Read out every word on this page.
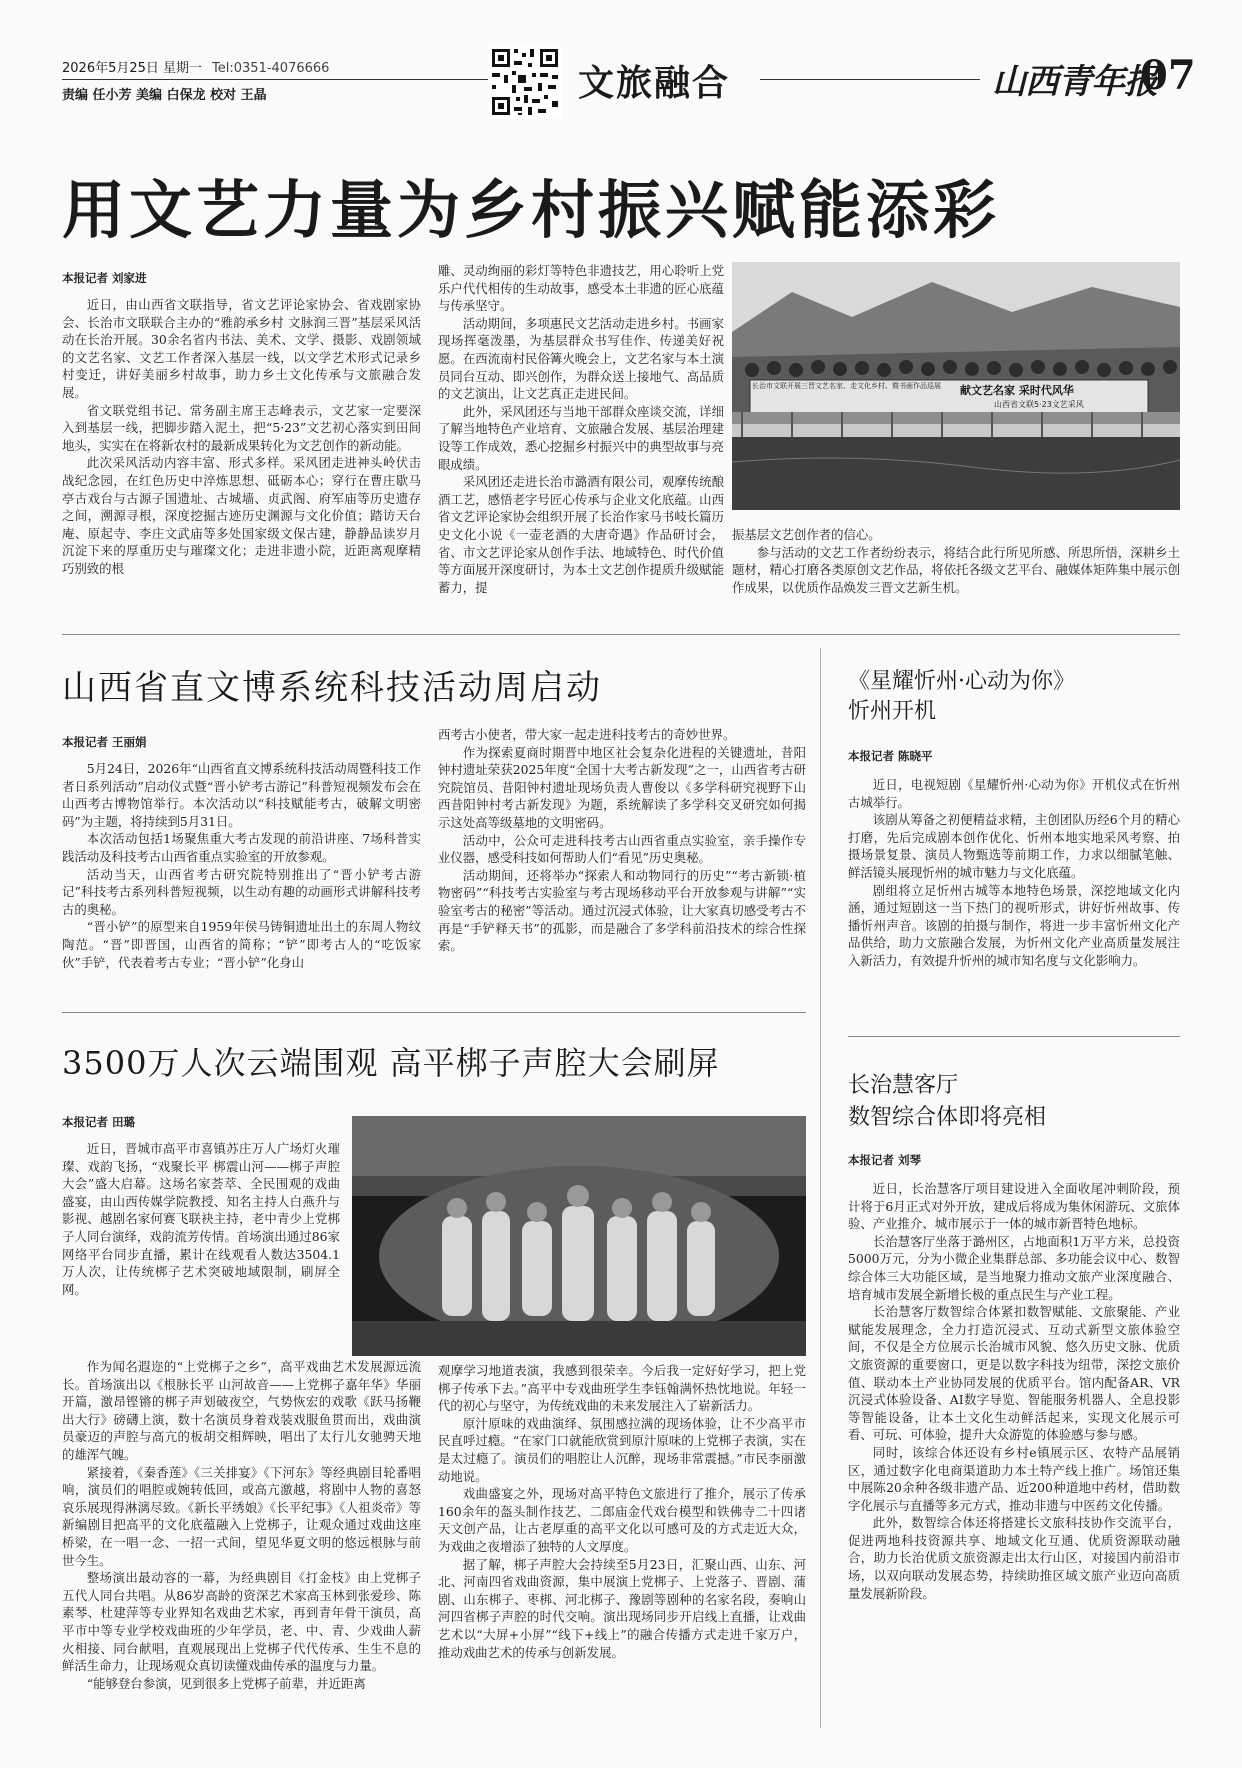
2026年5月25日 星期一 Tel:0351-4076666
责编 任小芳 美编 白保龙 校对 王晶	文旅融合	山西青年报
07
用文艺力量为乡村振兴赋能添彩
本报记者 刘家进

近日，由山西省文联指导，省文艺评论家协会、省戏剧家协会、长治市文联联合主办的“雅韵承乡村 文脉润三晋”基层采风活动在长治开展。30余名省内书法、美术、文学、摄影、戏剧领域的文艺名家、文艺工作者深入基层一线，以文学艺术形式记录乡村变迁，讲好美丽乡村故事，助力乡土文化传承与文旅融合发展。

省文联党组书记、常务副主席王志峰表示，文艺家一定要深入到基层一线，把脚步踏入泥土，把“5·23”文艺初心落实到田间地头，实实在在将新农村的最新成果转化为文艺创作的新动能。

此次采风活动内容丰富、形式多样。采风团走进神头岭伏击战纪念园，在红色历史中淬炼思想、砥砺本心；穿行在曹庄歇马亭古戏台与古源子国遗址、古城墙、贞武阁、府军庙等历史遗存之间，溯源寻根，深度挖掘古迹历史渊源与文化价值；踏访天台庵、原起寺、李庄文武庙等多处国家级文保古建，静静品读岁月沉淀下来的厚重历史与璀璨文化；走进非遗小院，近距离观摩精巧别致的根

雕、灵动绚丽的彩灯等特色非遗技艺，用心聆听上党乐户代代相传的生动故事，感受本土非遗的匠心底蕴与传承坚守。

活动期间，多项惠民文艺活动走进乡村。书画家现场挥毫泼墨，为基层群众书写佳作、传递美好祝愿。在西流南村民俗篝火晚会上，文艺名家与本土演员同台互动、即兴创作，为群众送上接地气、高品质的文艺演出，让文艺真正走进民间。

此外，采风团还与当地干部群众座谈交流，详细了解当地特色产业培育、文旅融合发展、基层治理建设等工作成效，悉心挖掘乡村振兴中的典型故事与亮眼成绩。

采风团还走进长治市潞酒有限公司，观摩传统酿酒工艺，感悟老字号匠心传承与企业文化底蕴。山西省文艺评论家协会组织开展了长治作家马书岐长篇历史文化小说《一壶老酒的大唐奇遇》作品研讨会，省、市文艺评论家从创作手法、地域特色、时代价值等方面展开深度研讨，为本土文艺创作提质升级赋能蓄力，提

长治市文联开展三晋文艺名家、走文化乡村、暨书画作品巡展	献文艺名家 采时代风华
山西省文联5·23文艺采风

振基层文艺创作者的信心。

参与活动的文艺工作者纷纷表示，将结合此行所见所感、所思所悟，深耕乡土题材，精心打磨各类原创文艺作品，将依托各级文艺平台、融媒体矩阵集中展示创作成果，以优质作品焕发三晋文艺新生机。

山西省直文博系统科技活动周启动
本报记者 王丽娟

5月24日，2026年“山西省直文博系统科技活动周暨科技工作者日系列活动”启动仪式暨“晋小铲考古游记”科普短视频发布会在山西考古博物馆举行。本次活动以“科技赋能考古，破解文明密码”为主题，将持续到5月31日。

本次活动包括1场聚焦重大考古发现的前沿讲座、7场科普实践活动及科技考古山西省重点实验室的开放参观。

活动当天，山西省考古研究院特别推出了“晋小铲考古游记”科技考古系列科普短视频，以生动有趣的动画形式讲解科技考古的奥秘。

“晋小铲”的原型来自1959年侯马铸铜遗址出土的东周人物纹陶范。“晋”即晋国，山西省的简称；“铲”即考古人的“吃饭家伙”手铲，代表着考古专业；“晋小铲”化身山

西考古小使者，带大家一起走进科技考古的奇妙世界。

作为探索夏商时期晋中地区社会复杂化进程的关键遗址，昔阳钟村遗址荣获2025年度“全国十大考古新发现”之一，山西省考古研究院馆员、昔阳钟村遗址现场负责人曹俊以《多学科研究视野下山西昔阳钟村考古新发现》为题，系统解读了多学科交叉研究如何揭示这处高等级墓地的文明密码。

活动中，公众可走进科技考古山西省重点实验室，亲手操作专业仪器，感受科技如何帮助人们“看见”历史奥秘。

活动期间，还将举办“探索人和动物同行的历史”“考古新锁·植物密码”“科技考古实验室与考古现场移动平台开放参观与讲解”“实验室考古的秘密”等活动。通过沉浸式体验，让大家真切感受考古不再是“手铲释天书”的孤影，而是融合了多学科前沿技术的综合性探索。

《星耀忻州·心动为你》
忻州开机
本报记者 陈晓平

近日，电视短剧《星耀忻州·心动为你》开机仪式在忻州古城举行。

该剧从筹备之初便精益求精，主创团队历经6个月的精心打磨，先后完成剧本创作优化、忻州本地实地采风考察、拍摄场景复景、演员人物甄选等前期工作，力求以细腻笔触、鲜活镜头展现忻州的城市魅力与文化底蕴。

剧组将立足忻州古城等本地特色场景，深挖地域文化内涵，通过短剧这一当下热门的视听形式，讲好忻州故事、传播忻州声音。该剧的拍摄与制作，将进一步丰富忻州文化产品供给，助力文旅融合发展，为忻州文化产业高质量发展注入新活力，有效提升忻州的城市知名度与文化影响力。

3500万人次云端围观 高平梆子声腔大会刷屏
本报记者 田璐

近日，晋城市高平市喜镇苏庄万人广场灯火璀璨、戏韵飞扬，“戏聚长平 梆震山河——梆子声腔大会”盛大启幕。这场名家荟萃、全民围观的戏曲盛宴，由山西传媒学院教授、知名主持人白燕升与影视、越剧名家何赛飞联袂主持，老中青少上党梆子人同台演绎，戏韵流芳传情。首场演出通过86家网络平台同步直播，累计在线观看人数达3504.1万人次，让传统梆子艺术突破地域限制，刷屏全网。

作为闻名遐迩的“上党梆子之乡”，高平戏曲艺术发展源远流长。首场演出以《根脉长平 山河故音——上党梆子嘉年华》华丽开篇，激昂铿锵的梆子声划破夜空，气势恢宏的戏歌《跃马扬鞭出大行》磅礴上演，数十名演员身着戏装戏服鱼贯而出，戏曲演员豪迈的声腔与高亢的板胡交相辉映，唱出了太行儿女驰骋天地的雄浑气魄。

紧接着，《秦香莲》《三关排宴》《下河东》等经典剧目轮番唱响，演员们的唱腔或婉转低回，或高亢激越，将剧中人物的喜怒哀乐展现得淋漓尽致。《新长平绣娘》《长平纪事》《人祖炎帝》等新编剧目把高平的文化底蕴融入上党梆子，让观众通过戏曲这座桥梁，在一唱一念、一招一式间，望见华夏文明的悠远根脉与前世今生。

整场演出最动容的一幕，为经典剧目《打金枝》由上党梆子五代人同台共唱。从86岁高龄的资深艺术家高玉林到张爱珍、陈素琴、杜建萍等专业界知名戏曲艺术家，再到青年骨干演员，高平市中等专业学校戏曲班的少年学员，老、中、青、少戏曲人薪火相接、同台献唱，直观展现出上党梆子代代传承、生生不息的鲜活生命力，让现场观众真切读懂戏曲传承的温度与力量。

“能够登台参演，见到很多上党梆子前辈，并近距离

观摩学习地道表演，我感到很荣幸。今后我一定好好学习，把上党梆子传承下去。”高平中专戏曲班学生李钰翰满怀热忱地说。年轻一代的初心与坚守，为传统戏曲的未来发展注入了崭新活力。

原汁原味的戏曲演绎、氛围感拉满的现场体验，让不少高平市民直呼过瘾。“在家门口就能欣赏到原汁原味的上党梆子表演，实在是太过瘾了。演员们的唱腔让人沉醉，现场非常震撼。”市民李丽激动地说。

戏曲盛宴之外，现场对高平特色文旅进行了推介，展示了传承160余年的盔头制作技艺、二郎庙金代戏台模型和铁佛寺二十四诸天文创产品，让古老厚重的高平文化以可感可及的方式走近大众，为戏曲之夜增添了独特的人文厚度。

据了解，梆子声腔大会持续至5月23日，汇聚山西、山东、河北、河南四省戏曲资源，集中展演上党梆子、上党落子、晋剧、蒲剧、山东梆子、枣梆、河北梆子、豫剧等剧种的名家名段，奏响山河四省梆子声腔的时代交响。演出现场同步开启线上直播，让戏曲艺术以“大屏+小屏”“线下+线上”的融合传播方式走进千家万户，推动戏曲艺术的传承与创新发展。

长治慧客厅
数智综合体即将亮相
本报记者 刘琴

近日，长治慧客厅项目建设进入全面收尾冲刺阶段，预计将于6月正式对外开放，建成后将成为集休闲游玩、文旅体验、产业推介、城市展示于一体的城市新晋特色地标。

长治慧客厅坐落于潞州区，占地面积1万平方米，总投资5000万元，分为小微企业集群总部、多功能会议中心、数智综合体三大功能区域，是当地聚力推动文旅产业深度融合、培育城市发展全新增长极的重点民生与产业工程。

长治慧客厅数智综合体紧扣数智赋能、文旅聚能、产业赋能发展理念，全力打造沉浸式、互动式新型文旅体验空间，不仅是全方位展示长治城市风貌、悠久历史文脉、优质文旅资源的重要窗口，更是以数字科技为纽带，深挖文旅价值、联动本土产业协同发展的优质平台。馆内配备AR、VR沉浸式体验设备、AI数字导览、智能服务机器人、全息投影等智能设备，让本土文化生动鲜活起来，实现文化展示可看、可玩、可体验，提升大众游览的体验感与参与感。

同时，该综合体还设有乡村e镇展示区、农特产品展销区，通过数字化电商渠道助力本土特产线上推广。场馆还集中展陈20余种各级非遗产品、近200种道地中药材，借助数字化展示与直播等多元方式，推动非遗与中医药文化传播。

此外，数智综合体还将搭建长文旅科技协作交流平台，促进两地科技资源共享、地域文化互通、优质资源联动融合，助力长治优质文旅资源走出太行山区，对接国内前沿市场，以双向联动发展态势，持续助推区域文旅产业迈向高质量发展新阶段。
